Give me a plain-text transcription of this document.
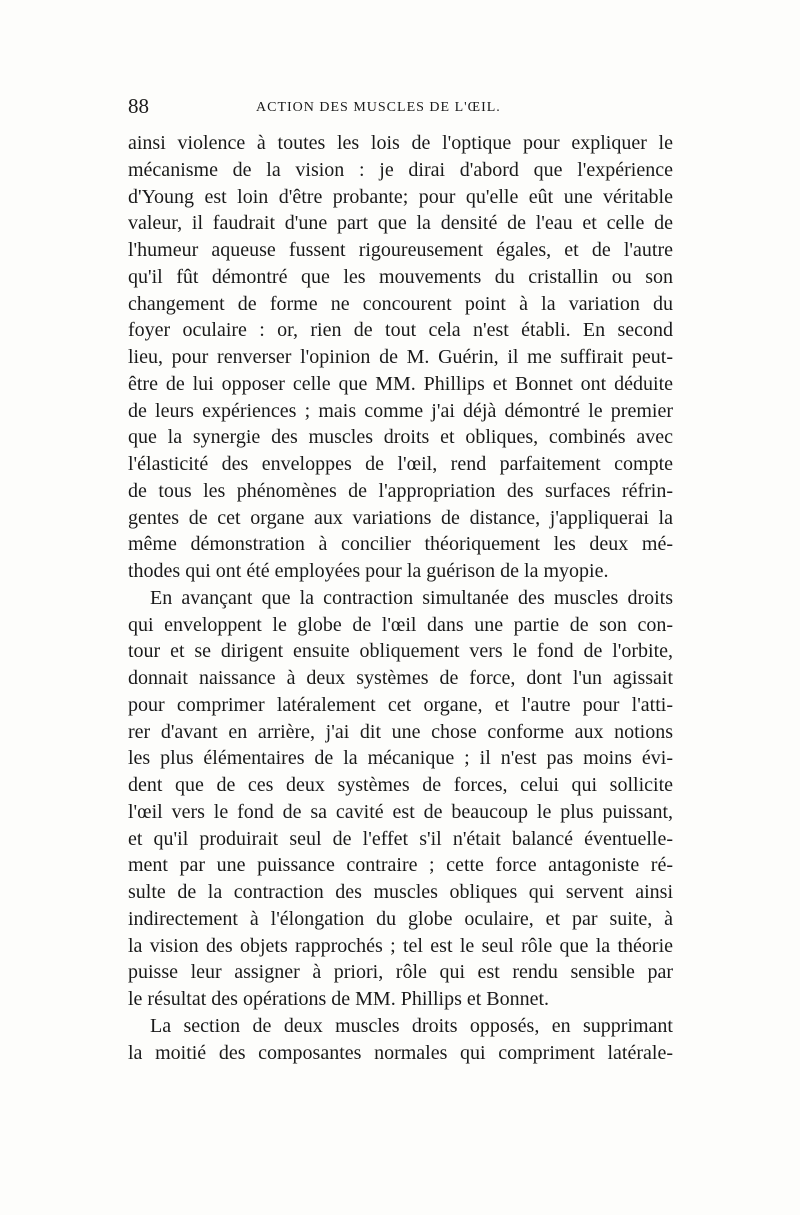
88	ACTION DES MUSCLES DE L'ŒIL.
ainsi violence à toutes les lois de l'optique pour expliquer le
mécanisme de la vision : je dirai d'abord que l'expérience
d'Young est loin d'être probante; pour qu'elle eût une véritable
valeur, il faudrait d'une part que la densité de l'eau et celle de
l'humeur aqueuse fussent rigoureusement égales, et de l'autre
qu'il fût démontré que les mouvements du cristallin ou son
changement de forme ne concourent point à la variation du
foyer oculaire : or, rien de tout cela n'est établi. En second
lieu, pour renverser l'opinion de M. Guérin, il me suffirait peut-
être de lui opposer celle que MM. Phillips et Bonnet ont déduite
de leurs expériences ; mais comme j'ai déjà démontré le premier
que la synergie des muscles droits et obliques, combinés avec
l'élasticité des enveloppes de l'œil, rend parfaitement compte
de tous les phénomènes de l'appropriation des surfaces réfrin-
gentes de cet organe aux variations de distance, j'appliquerai la
même démonstration à concilier théoriquement les deux mé-
thodes qui ont été employées pour la guérison de la myopie.
En avançant que la contraction simultanée des muscles droits
qui enveloppent le globe de l'œil dans une partie de son con-
tour et se dirigent ensuite obliquement vers le fond de l'orbite,
donnait naissance à deux systèmes de force, dont l'un agissait
pour comprimer latéralement cet organe, et l'autre pour l'atti-
rer d'avant en arrière, j'ai dit une chose conforme aux notions
les plus élémentaires de la mécanique ; il n'est pas moins évi-
dent que de ces deux systèmes de forces, celui qui sollicite
l'œil vers le fond de sa cavité est de beaucoup le plus puissant,
et qu'il produirait seul de l'effet s'il n'était balancé éventuelle-
ment par une puissance contraire ; cette force antagoniste ré-
sulte de la contraction des muscles obliques qui servent ainsi
indirectement à l'élongation du globe oculaire, et par suite, à
la vision des objets rapprochés ; tel est le seul rôle que la théorie
puisse leur assigner à priori, rôle qui est rendu sensible par
le résultat des opérations de MM. Phillips et Bonnet.
La section de deux muscles droits opposés, en supprimant
la moitié des composantes normales qui compriment latérale-
